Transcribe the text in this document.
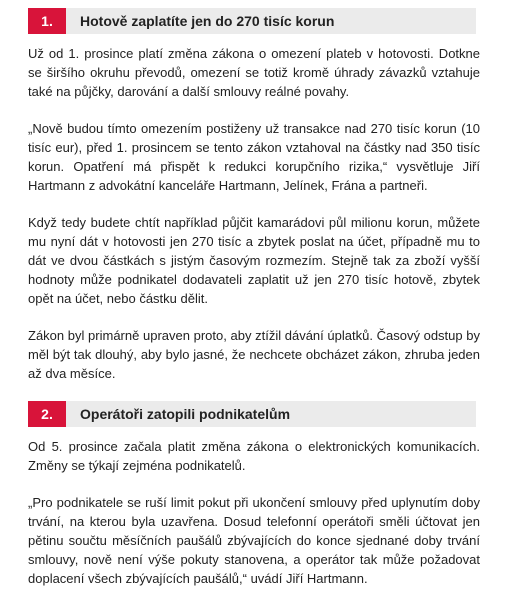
1.	Hotově zaplatíte jen do 270 tisíc korun

Už od 1. prosince platí změna zákona o omezení plateb v hotovosti. Dotkne se širšího okruhu převodů, omezení se totiž kromě úhrady závazků vztahuje také na půjčky, darování a další smlouvy reálné povahy.

„Nově budou tímto omezením postiženy už transakce nad 270 tisíc korun (10 tisíc eur), před 1. prosincem se tento zákon vztahoval na částky nad 350 tisíc korun. Opatření má přispět k redukci korupčního rizika,“ vysvětluje Jiří Hartmann z advokátní kanceláře Hartmann, Jelínek, Frána a partneři.

Když tedy budete chtít například půjčit kamarádovi půl milionu korun, můžete mu nyní dát v hotovosti jen 270 tisíc a zbytek poslat na účet, případně mu to dát ve dvou částkách s jistým časovým rozmezím. Stejně tak za zboží vyšší hodnoty může podnikatel dodavateli zaplatit už jen 270 tisíc hotově, zbytek opět na účet, nebo částku dělit.

Zákon byl primárně upraven proto, aby ztížil dávání úplatků. Časový odstup by měl být tak dlouhý, aby bylo jasné, že nechcete obcházet zákon, zhruba jeden až dva měsíce.

2.	Operátoři zatopili podnikatelům

Od 5. prosince začala platit změna zákona o elektronických komunikacích. Změny se týkají zejména podnikatelů.

„Pro podnikatele se ruší limit pokut při ukončení smlouvy před uplynutím doby trvání, na kterou byla uzavřena. Dosud telefonní operátoři směli účtovat jen pětinu součtu měsíčních paušálů zbývajících do konce sjednané doby trvání smlouvy, nově není výše pokuty stanovena, a operátor tak může požadovat doplacení všech zbývajících paušálů,“ uvádí Jiří Hartmann.
